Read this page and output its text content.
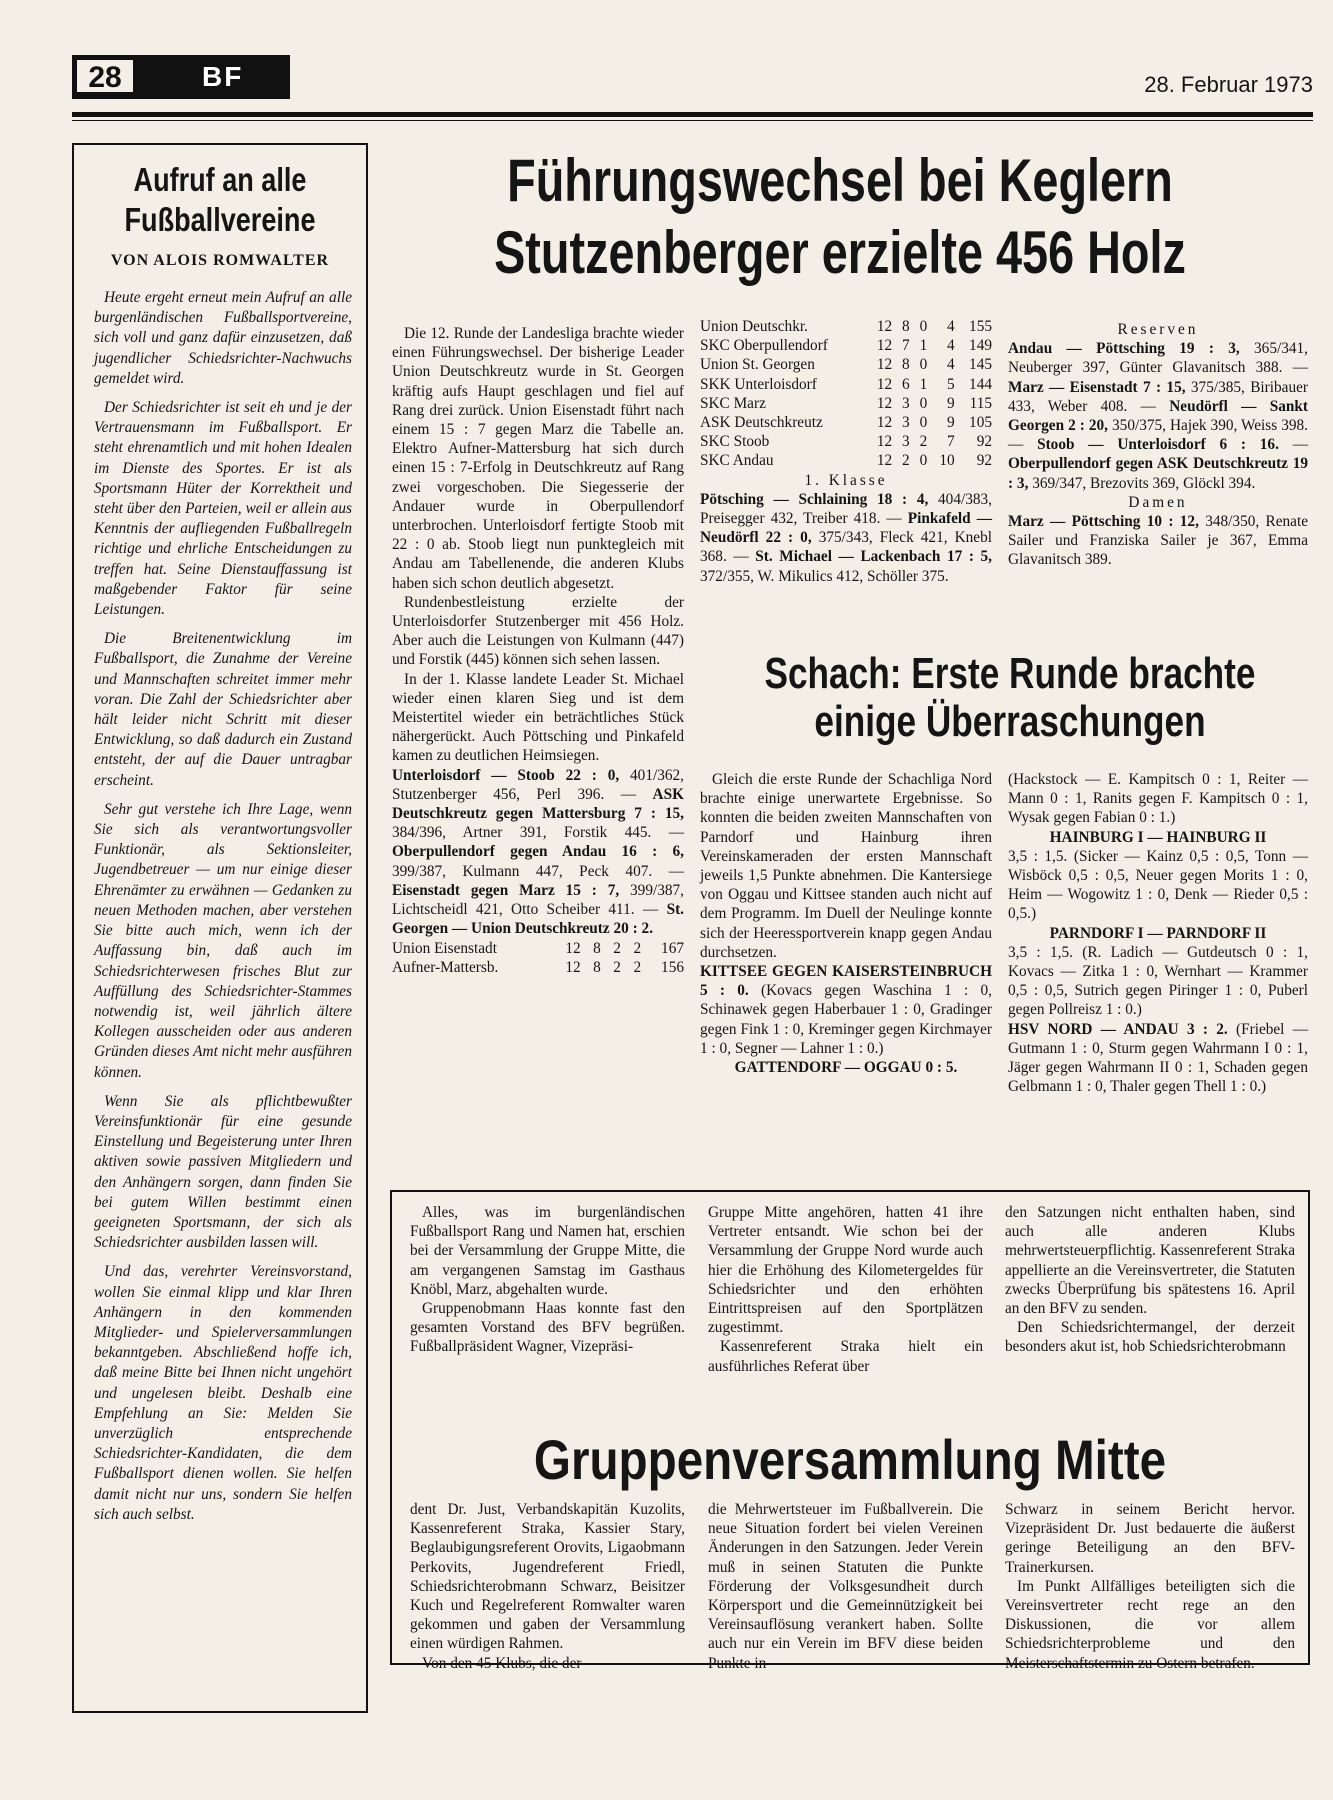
28	BF	28. Februar 1973
Aufruf an alle Fußballvereine
VON ALOIS ROMWALTER

Heute ergeht erneut mein Aufruf an alle burgenländischen Fußballsportvereine, sich voll und ganz dafür einzusetzen, daß jugendlicher Schiedsrichter-Nachwuchs gemeldet wird.

Der Schiedsrichter ist seit eh und je der Vertrauensmann im Fußballsport. Er steht ehrenamtlich und mit hohen Idealen im Dienste des Sportes. Er ist als Sportsmann Hüter der Korrektheit und steht über den Parteien, weil er allein aus Kenntnis der aufliegenden Fußballregeln richtige und ehrliche Entscheidungen zu treffen hat. Seine Dienstauffassung ist maßgebender Faktor für seine Leistungen.

Die Breitenentwicklung im Fußballsport, die Zunahme der Vereine und Mannschaften schreitet immer mehr voran. Die Zahl der Schiedsrichter aber hält leider nicht Schritt mit dieser Entwicklung, so daß dadurch ein Zustand entsteht, der auf die Dauer untragbar erscheint.

Sehr gut verstehe ich Ihre Lage, wenn Sie sich als verantwortungsvoller Funktionär, als Sektionsleiter, Jugendbetreuer — um nur einige dieser Ehrenämter zu erwähnen — Gedanken zu neuen Methoden machen, aber verstehen Sie bitte auch mich, wenn ich der Auffassung bin, daß auch im Schiedsrichterwesen frisches Blut zur Auffüllung des Schiedsrichter-Stammes notwendig ist, weil jährlich ältere Kollegen ausscheiden oder aus anderen Gründen dieses Amt nicht mehr ausführen können.

Wenn Sie als pflichtbewußter Vereinsfunktionär für eine gesunde Einstellung und Begeisterung unter Ihren aktiven sowie passiven Mitgliedern und den Anhängern sorgen, dann finden Sie bei gutem Willen bestimmt einen geeigneten Sportsmann, der sich als Schiedsrichter ausbilden lassen will.

Und das, verehrter Vereinsvorstand, wollen Sie einmal klipp und klar Ihren Anhängern in den kommenden Mitglieder- und Spielerversammlungen bekanntgeben. Abschließend hoffe ich, daß meine Bitte bei Ihnen nicht ungehört und ungelesen bleibt. Deshalb eine Empfehlung an Sie: Melden Sie unverzüglich entsprechende Schiedsrichter-Kandidaten, die dem Fußballsport dienen wollen. Sie helfen damit nicht nur uns, sondern Sie helfen sich auch selbst.

Führungswechsel bei Keglern
Stutzenberger erzielte 456 Holz

Die 12. Runde der Landesliga brachte wieder einen Führungswechsel. Der bisherige Leader Union Deutschkreutz wurde in St. Georgen kräftig aufs Haupt geschlagen und fiel auf Rang drei zurück. Union Eisenstadt führt nach einem 15 : 7 gegen Marz die Tabelle an. Elektro Aufner-Mattersburg hat sich durch einen 15 : 7-Erfolg in Deutschkreutz auf Rang zwei vorgeschoben. Die Siegesserie der Andauer wurde in Oberpullendorf unterbrochen. Unterloisdorf fertigte Stoob mit 22 : 0 ab. Stoob liegt nun punktegleich mit Andau am Tabellenende, die anderen Klubs haben sich schon deutlich abgesetzt.

Rundenbestleistung erzielte der Unterloisdorfer Stutzenberger mit 456 Holz. Aber auch die Leistungen von Kulmann (447) und Forstik (445) können sich sehen lassen.

In der 1. Klasse landete Leader St. Michael wieder einen klaren Sieg und ist dem Meistertitel wieder ein beträchtliches Stück nähergerückt. Auch Pöttsching und Pinkafeld kamen zu deutlichen Heimsiegen.

Unterloisdorf — Stoob 22 : 0, 401/362, Stutzenberger 456, Perl 396. — ASK Deutschkreutz gegen Mattersburg 7 : 15, 384/396, Artner 391, Forstik 445. — Oberpullendorf gegen Andau 16 : 6, 399/387, Kulmann 447, Peck 407. — Eisenstadt gegen Marz 15 : 7, 399/387, Lichtscheidl 421, Otto Scheiber 411. — St. Georgen — Union Deutschkreutz 20 : 2.

Union Eisenstadt	12	8	2	2	167
Aufner-Mattersb.	12	8	2	2	156
Union Deutschkr.	12	8	0	4	155
SKC Oberpullendorf	12	7	1	4	149
Union St. Georgen	12	8	0	4	145
SKK Unterloisdorf	12	6	1	5	144
SKC Marz	12	3	0	9	115
ASK Deutschkreutz	12	3	0	9	105
SKC Stoob	12	3	2	7	92
SKC Andau	12	2	0	10	92
1. Klasse

Pötsching — Schlaining 18 : 4, 404/383, Preisegger 432, Treiber 418. — Pinkafeld — Neudörfl 22 : 0, 375/343, Fleck 421, Knebl 368. — St. Michael — Lackenbach 17 : 5, 372/355, W. Mikulics 412, Schöller 375.

Reserven

Andau — Pöttsching 19 : 3, 365/341, Neuberger 397, Günter Glavanitsch 388. — Marz — Eisenstadt 7 : 15, 375/385, Biribauer 433, Weber 408. — Neudörfl — Sankt Georgen 2 : 20, 350/375, Hajek 390, Weiss 398. — Stoob — Unterloisdorf 6 : 16. — Oberpullendorf gegen ASK Deutschkreutz 19 : 3, 369/347, Brezovits 369, Glöckl 394.

Damen

Marz — Pöttsching 10 : 12, 348/350, Renate Sailer und Franziska Sailer je 367, Emma Glavanitsch 389.

Schach: Erste Runde brachte einige Überraschungen

Gleich die erste Runde der Schachliga Nord brachte einige unerwartete Ergebnisse. So konnten die beiden zweiten Mannschaften von Parndorf und Hainburg ihren Vereinskameraden der ersten Mannschaft jeweils 1,5 Punkte abnehmen. Die Kantersiege von Oggau und Kittsee standen auch nicht auf dem Programm. Im Duell der Neulinge konnte sich der Heeressportverein knapp gegen Andau durchsetzen.

KITTSEE GEGEN KAISERSTEINBRUCH 5 : 0. (Kovacs gegen Waschina 1 : 0, Schinawek gegen Haberbauer 1 : 0, Gradinger gegen Fink 1 : 0, Kreminger gegen Kirchmayer 1 : 0, Segner — Lahner 1 : 0.)

GATTENDORF — OGGAU 0 : 5.

(Hackstock — E. Kampitsch 0 : 1, Reiter — Mann 0 : 1, Ranits gegen F. Kampitsch 0 : 1, Wysak gegen Fabian 0 : 1.)

HAINBURG I — HAINBURG II

3,5 : 1,5. (Sicker — Kainz 0,5 : 0,5, Tonn — Wisböck 0,5 : 0,5, Neuer gegen Morits 1 : 0, Heim — Wogowitz 1 : 0, Denk — Rieder 0,5 : 0,5.)

PARNDORF I — PARNDORF II

3,5 : 1,5. (R. Ladich — Gutdeutsch 0 : 1, Kovacs — Zitka 1 : 0, Wernhart — Krammer 0,5 : 0,5, Sutrich gegen Piringer 1 : 0, Puberl gegen Pollreisz 1 : 0.)

HSV NORD — ANDAU 3 : 2. (Friebel — Gutmann 1 : 0, Sturm gegen Wahrmann I 0 : 1, Jäger gegen Wahrmann II 0 : 1, Schaden gegen Gelbmann 1 : 0, Thaler gegen Thell 1 : 0.)

Alles, was im burgenländischen Fußballsport Rang und Namen hat, erschien bei der Versammlung der Gruppe Mitte, die am vergangenen Samstag im Gasthaus Knöbl, Marz, abgehalten wurde.

Gruppenobmann Haas konnte fast den gesamten Vorstand des BFV begrüßen. Fußballpräsident Wagner, Vizepräsi-

Gruppe Mitte angehören, hatten 41 ihre Vertreter entsandt. Wie schon bei der Versammlung der Gruppe Nord wurde auch hier die Erhöhung des Kilometergeldes für Schiedsrichter und den erhöhten Eintrittspreisen auf den Sportplätzen zugestimmt.

Kassenreferent Straka hielt ein ausführliches Referat über

den Satzungen nicht enthalten haben, sind auch alle anderen Klubs mehrwertsteuerpflichtig. Kassenreferent Straka appellierte an die Vereinsvertreter, die Statuten zwecks Überprüfung bis spätestens 16. April an den BFV zu senden.

Den Schiedsrichtermangel, der derzeit besonders akut ist, hob Schiedsrichterobmann

Gruppenversammlung Mitte

dent Dr. Just, Verbandskapitän Kuzolits, Kassenreferent Straka, Kassier Stary, Beglaubigungsreferent Orovits, Ligaobmann Perkovits, Jugendreferent Friedl, Schiedsrichterobmann Schwarz, Beisitzer Kuch und Regelreferent Romwalter waren gekommen und gaben der Versammlung einen würdigen Rahmen.

Von den 45 Klubs, die der

die Mehrwertsteuer im Fußballverein. Die neue Situation fordert bei vielen Vereinen Änderungen in den Satzungen. Jeder Verein muß in seinen Statuten die Punkte Förderung der Volksgesundheit durch Körpersport und die Gemeinnützigkeit bei Vereinsauflösung verankert haben. Sollte auch nur ein Verein im BFV diese beiden Punkte in

Schwarz in seinem Bericht hervor. Vizepräsident Dr. Just bedauerte die äußerst geringe Beteiligung an den BFV-Trainerkursen.

Im Punkt Allfälliges beteiligten sich die Vereinsvertreter recht rege an den Diskussionen, die vor allem Schiedsrichterprobleme und den Meisterschaftstermin zu Ostern betrafen.
